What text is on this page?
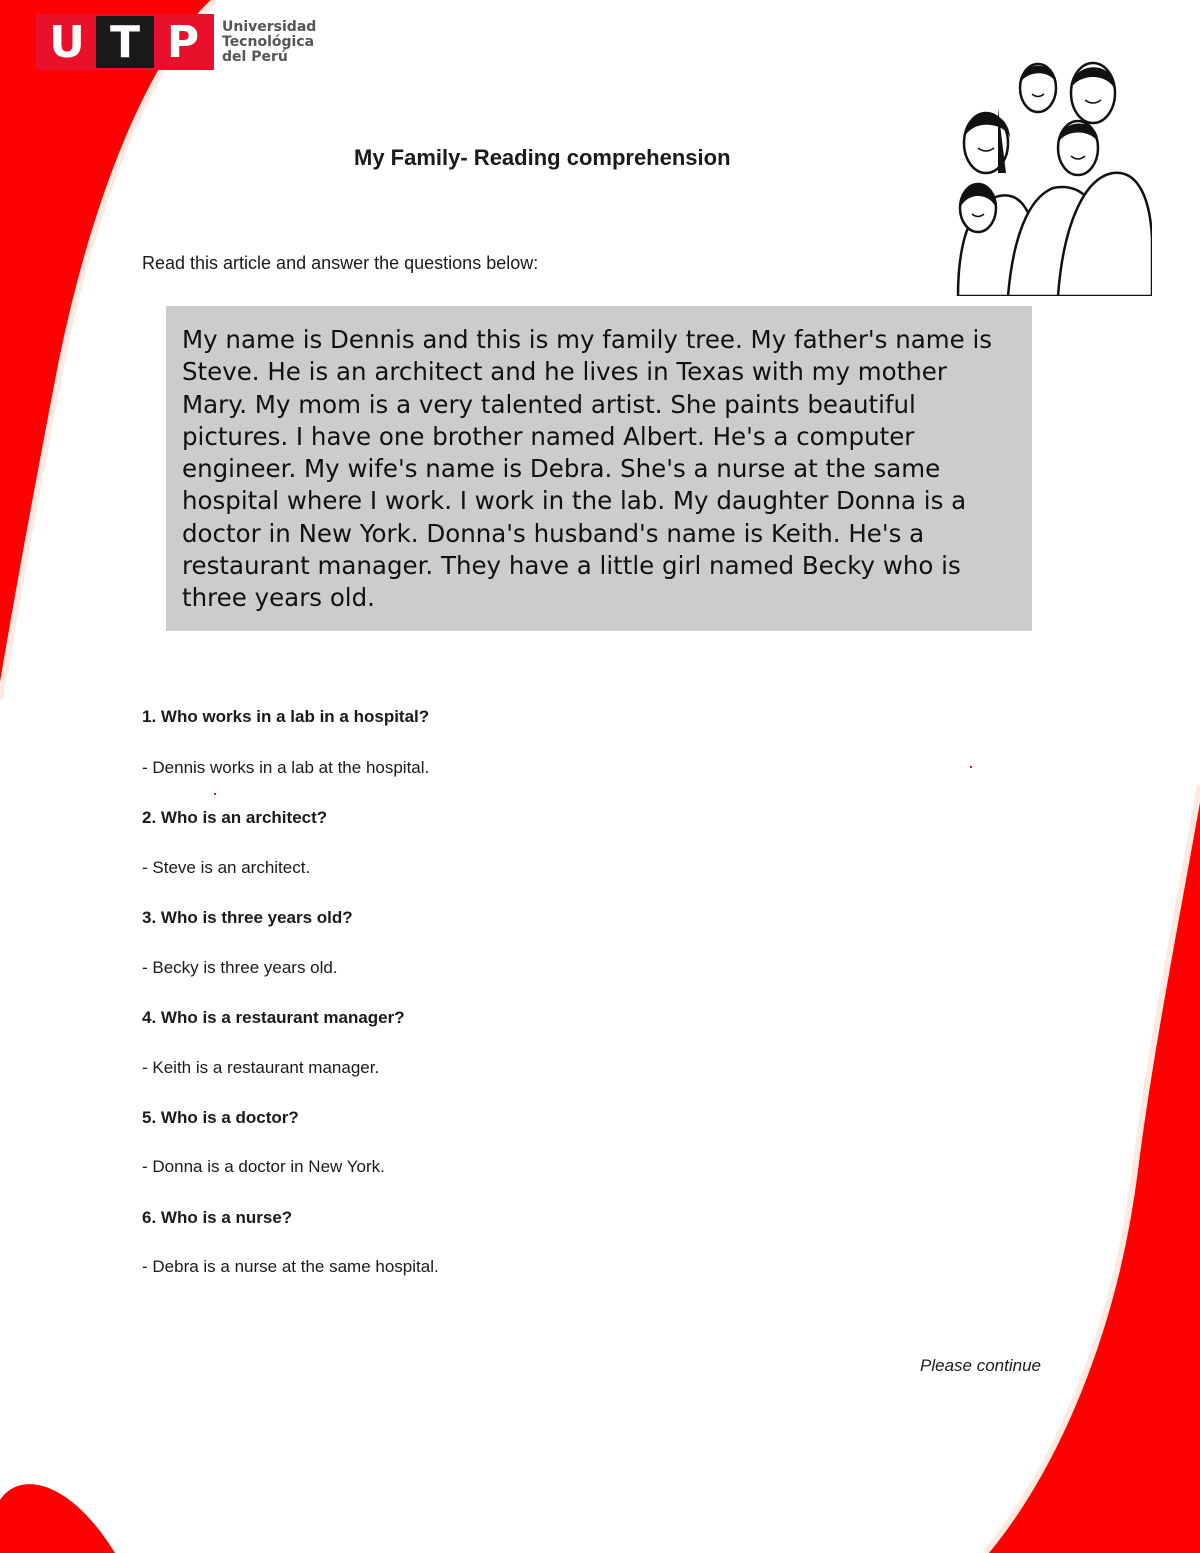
U T P	Universidad
Tecnológica
del Perú
My Family- Reading comprehension

Read this article and answer the questions below:

My name is Dennis and this is my family tree. My father's name is Steve. He is an architect and he lives in Texas with my mother Mary. My mom is a very talented artist. She paints beautiful pictures. I have one brother named Albert. He's a computer engineer. My wife's name is Debra. She's a nurse at the same hospital where I work. I work in the lab. My daughter Donna is a doctor in New York. Donna's husband's name is Keith. He's a restaurant manager. They have a little girl named Becky who is three years old.

1. Who works in a lab in a hospital?

- Dennis works in a lab at the hospital.

2. Who is an architect?

- Steve is an architect.

3. Who is three years old?

- Becky is three years old.

4. Who is a restaurant manager?

- Keith is a restaurant manager.

5. Who is a doctor?

- Donna is a doctor in New York.

6. Who is a nurse?

- Debra is a nurse at the same hospital.

Please continue
